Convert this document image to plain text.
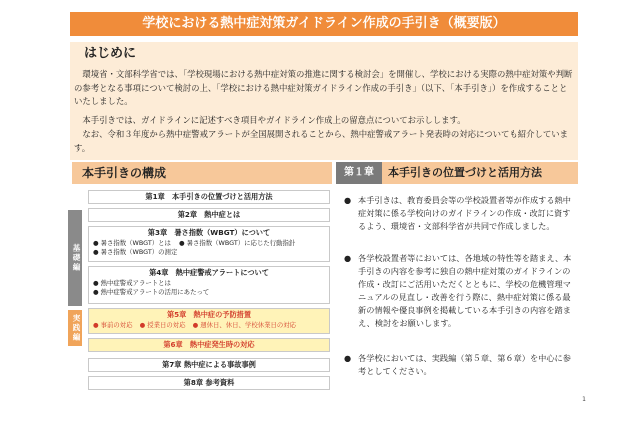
学校における熱中症対策ガイドライン作成の手引き（概要版）
はじめに
環境省・文部科学省では、「学校現場における熱中症対策の推進に関する検討会」を開催し、学校における実際の熱中症対策や判断の参考となる事項について検討の上、「学校における熱中症対策ガイドライン作成の手引き」（以下、「本手引き」）を作成することといたしました。
本手引きでは、ガイドラインに記述すべき項目やガイドライン作成上の留意点についてお示しします。
なお、令和３年度から熱中症警戒アラートが全国展開されることから、熱中症警戒アラート発表時の対応についても紹介しています。
本手引きの構成	第１章	本手引きの位置づけと活用方法
基礎編
実践編
第1章　本手引きの位置づけと活用方法
第2章　熱中症とは
第3章　暑さ指数（WBGT）について
● 暑さ指数（WBGT）とは ● 暑さ指数（WBGT）に応じた行動指針
● 暑さ指数（WBGT）の測定
第4章　熱中症警戒アラートについて
● 熱中症警戒アラートとは
● 熱中症警戒アラートの活用にあたって
第5章　熱中症の予防措置
● 事前の対応 ● 授業日の対応 ● 週休日、休日、学校休業日の対応
第6章　熱中症発生時の対応
第7章 熱中症による事故事例
第8章 参考資料
● 本手引きは、教育委員会等の学校設置者等が作成する熱中症対策に係る学校向けのガイドラインの作成・改訂に資するよう、環境省・文部科学省が共同で作成しました。
● 各学校設置者等においては、各地域の特性等を踏まえ、本手引きの内容を参考に独自の熱中症対策のガイドラインの作成・改訂にご活用いただくとともに、学校の危機管理マニュアルの見直し・改善を行う際に、熱中症対策に係る最新の情報や優良事例を掲載している本手引きの内容を踏まえ、検討をお願いします。
● 各学校においては、実践編（第５章、第６章）を中心に参考としてください。
1
